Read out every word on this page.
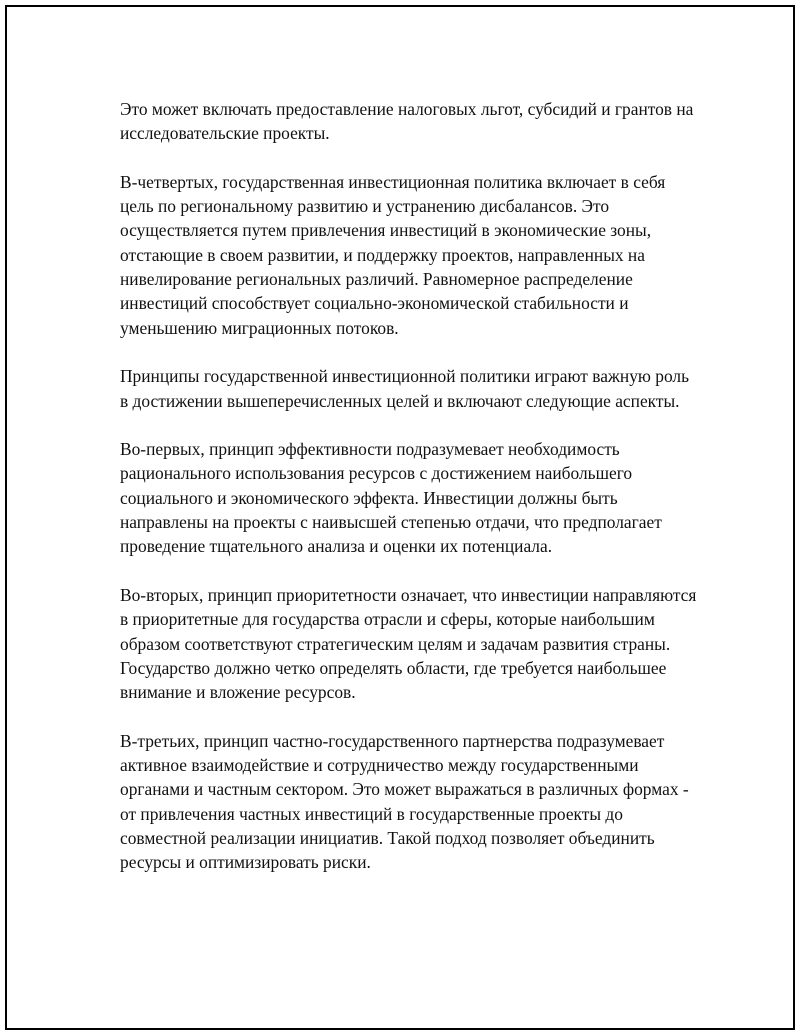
Это может включать предоставление налоговых льгот, субсидий и грантов на исследовательские проекты.

В-четвертых, государственная инвестиционная политика включает в себя цель по региональному развитию и устранению дисбалансов. Это осуществляется путем привлечения инвестиций в экономические зоны, отстающие в своем развитии, и поддержку проектов, направленных на нивелирование региональных различий. Равномерное распределение инвестиций способствует социально-экономической стабильности и уменьшению миграционных потоков.

Принципы государственной инвестиционной политики играют важную роль в достижении вышеперечисленных целей и включают следующие аспекты.

Во-первых, принцип эффективности подразумевает необходимость рационального использования ресурсов с достижением наибольшего социального и экономического эффекта. Инвестиции должны быть направлены на проекты с наивысшей степенью отдачи, что предполагает проведение тщательного анализа и оценки их потенциала.

Во-вторых, принцип приоритетности означает, что инвестиции направляются в приоритетные для государства отрасли и сферы, которые наибольшим образом соответствуют стратегическим целям и задачам развития страны. Государство должно четко определять области, где требуется наибольшее внимание и вложение ресурсов.

В-третьих, принцип частно-государственного партнерства подразумевает активное взаимодействие и сотрудничество между государственными органами и частным сектором. Это может выражаться в различных формах - от привлечения частных инвестиций в государственные проекты до совместной реализации инициатив. Такой подход позволяет объединить ресурсы и оптимизировать риски.
